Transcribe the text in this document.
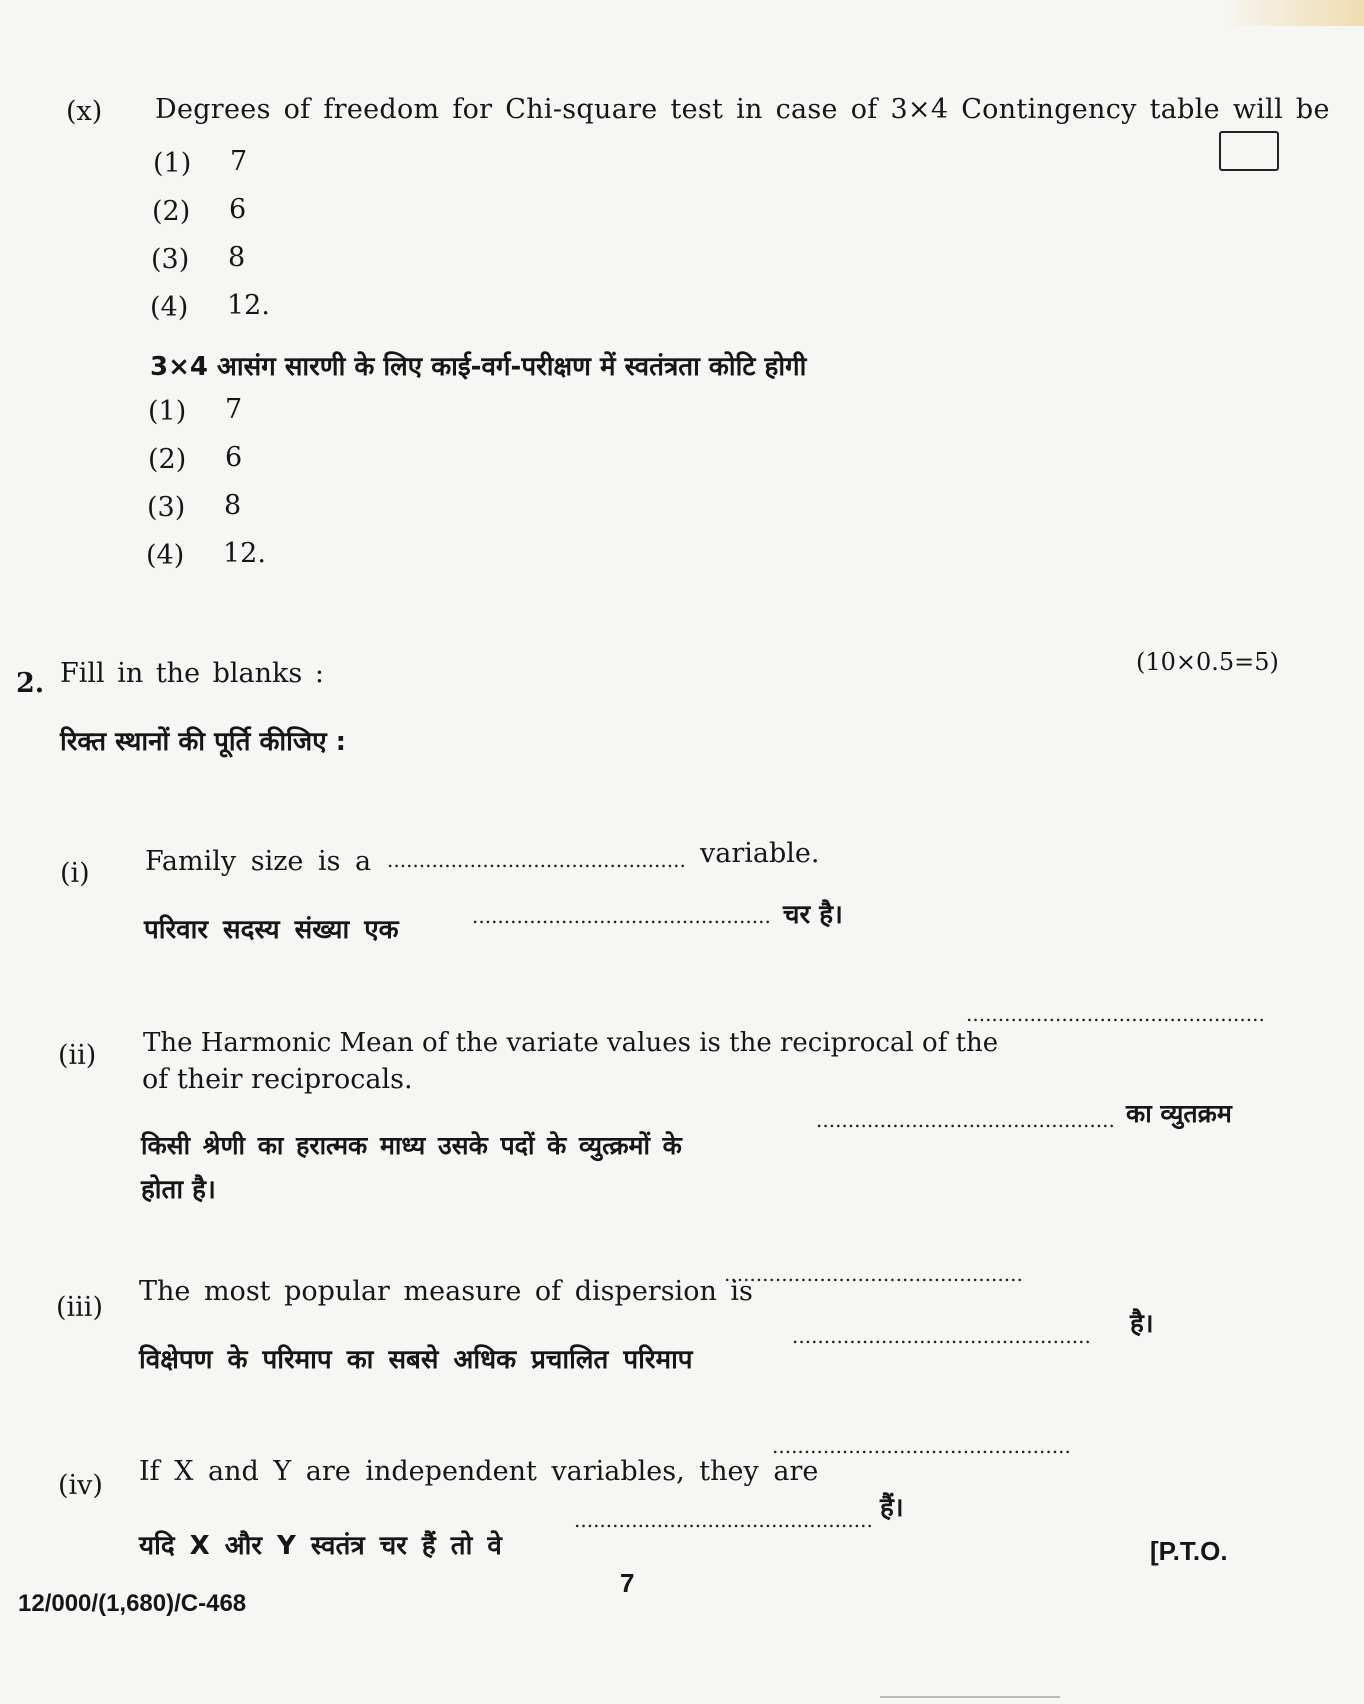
(x) Degrees of freedom for Chi-square test in case of 3×4 Contingency table will be
(1) 7
(2) 6
(3) 8
(4) 12.
3×4 आसंग सारणी के लिए काई-वर्ग-परीक्षण में स्वतंत्रता कोटि होगी
(1) 7
(2) 6
(3) 8
(4) 12.
2. Fill in the blanks :	(10×0.5=5)
रिक्त स्थानों की पूर्ति कीजिए :
(i) Family size is a ............................................... variable.
परिवार सदस्य संख्या एक	............................................... चर है।
(ii) The Harmonic Mean of the variate values is the reciprocal of the
...............................................
of their reciprocals.
किसी श्रेणी का हरात्मक माध्य उसके पदों के व्युत्क्रमों के
............................................... का व्युतक्रम
होता है।
(iii)
The most popular measure of dispersion is
...............................................
विक्षेपण के परिमाप का सबसे अधिक प्रचालित परिमाप
............................................... है।
(iv) If X and Y are independent variables, they are
...............................................
यदि X और Y स्वतंत्र चर हैं तो वे
............................................... हैं।
7
[P.T.O.
12/000/(1,680)/C-468
